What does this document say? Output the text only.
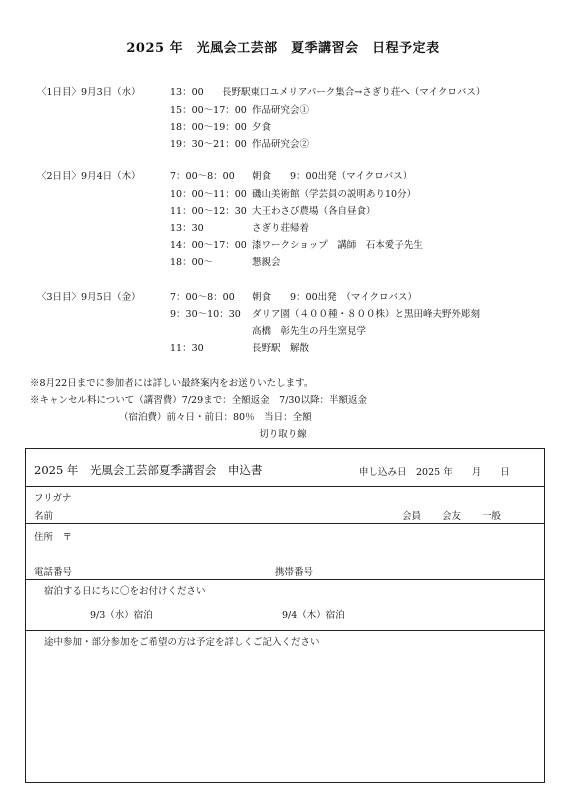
2025 年　光風会工芸部　夏季講習会　日程予定表
〈1日目〉9月3日（水）	13：00 長野駅東口ユメリアパーク集合→さぎり荘へ（マイクロバス）
15：00～17：00 作品研究会①
18：00～19：00 夕食
19：30～21：00 作品研究会②
〈2日目〉9月4日（木）	7：00～8：00 朝食　　9：00出発（マイクロバス）
10：00～11：00 磯山美術館（学芸員の説明あり10分）
11：00～12：30 大王わさび農場（各自昼食）
13：30	さぎり荘帰着
14：00～17：00 漆ワークショップ　講師　石本愛子先生
18：00～	懇親会
〈3日目〉9月5日（金）	7：00～8：00 朝食　　9：00出発　（マイクロバス）
9：30～10：30 ダリア園（４００種・８００株）と黒田峰夫野外彫刻
高橋　彰先生の丹生窯見学
11：30	長野駅　解散
※8月22日までに参加者には詳しい最終案内をお送りいたします。
※キャンセル料について（講習費）7/29まで：全額返金　7/30以降：半額返金
（宿泊費）前々日・前日：80％　当日：全額
切り取り線
2025 年　光風会工芸部夏季講習会　申込書	申し込み日　2025 年　　月　　日
フリガナ
名前	会員 会友 一般
住所　〒
電話番号	携帯番号
宿泊する日にちに〇をお付けください
9/3（水）宿泊	9/4（木）宿泊
途中参加・部分参加をご希望の方は予定を詳しくご記入ください
